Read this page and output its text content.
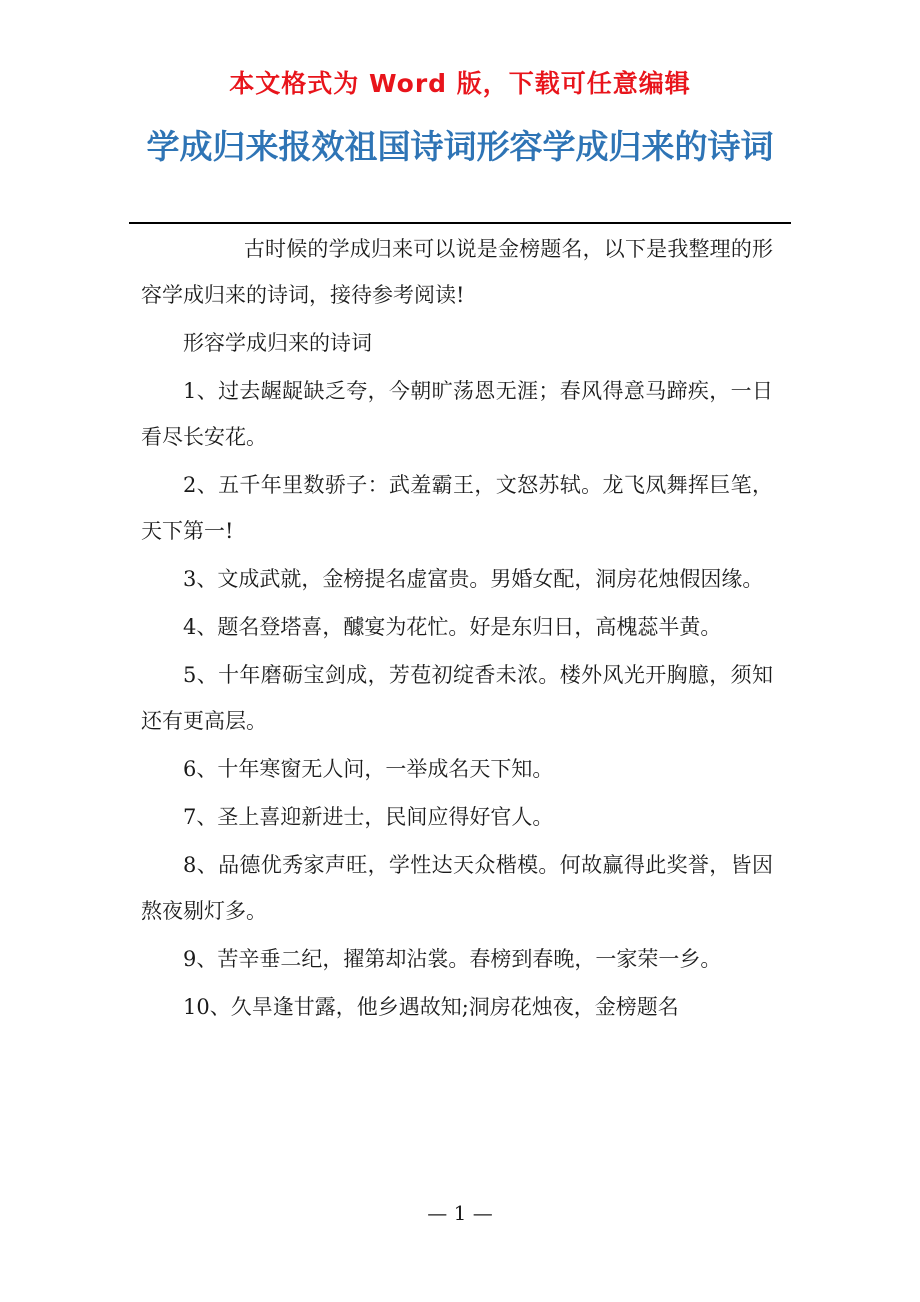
本文格式为 Word 版，下载可任意编辑
学成归来报效祖国诗词形容学成归来的诗词

古时候的学成归来可以说是金榜题名，以下是我整理的形容学成归来的诗词，接待参考阅读!

形容学成归来的诗词

1、过去龌龊缺乏夸，今朝旷荡恩无涯；春风得意马蹄疾，一日看尽长安花。

2、五千年里数骄子：武羞霸王，文怒苏轼。龙飞凤舞挥巨笔，天下第一!

3、文成武就，金榜提名虚富贵。男婚女配，洞房花烛假因缘。

4、题名登塔喜，醵宴为花忙。好是东归日，高槐蕊半黄。

5、十年磨砺宝剑成，芳苞初绽香未浓。楼外风光开胸臆，须知还有更高层。

6、十年寒窗无人问，一举成名天下知。

7、圣上喜迎新进士，民间应得好官人。

8、品德优秀家声旺，学性达天众楷模。何故赢得此奖誉，皆因熬夜剔灯多。

9、苦辛垂二纪，擢第却沾裳。春榜到春晚，一家荣一乡。

10、久旱逢甘露，他乡遇故知;洞房花烛夜，金榜题名

— 1 —
